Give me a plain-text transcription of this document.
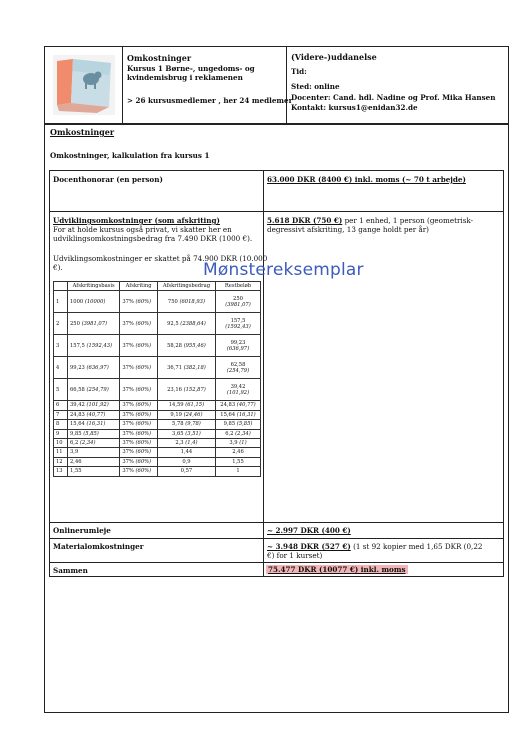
Omkostninger
Kursus 1 Børne-, ungedoms- og
kvindemisbrug i reklamenen
> 26 kursusmedlemer , her 24 medlemer
(Videre-)uddanelse
Tid:
Sted: online
Docenter: Cand. hdl. Nadine og Prof. Mika Hansen
Kontakt: kursus1@enidan32.de
Omkostninger
Omkostninger, kalkulation fra kursus 1
Docenthonorar (en person)	63.000 DKR (8400 €) inkl. moms (~ 70 t arbejde)
Udviklingsomkostninger (som afskriting)
For at holde kursus også privat, vi skatter her en
udviklingsomkostningsbedrag fra 7.490 DKR (1000 €).
Udviklingsomkostninger er skattet på 74.900 DKR (10.000
€).
5.618 DKR (750 €) per 1 enhed, 1 person (geometrisk-
degressivt afskriting, 13 gange holdt per år)
Mønstereksemplar
	Afskritingsbasis	Afskriting	Afskritingsbedrag	Restbeløb
1	1000 (10000)	37% (60%)	750 (6018,93)	250
(3981,07)
2	250 (3981,07)	37% (60%)	92,5 (2388,64)	157,5
(1592,43)
3	157,5 (1592,43)	37% (60%)	58,28 (955,46)	99,23
(636,97)
4	99,23 (636,97)	37% (60%)	36,71 (382,18)	62,58
(254,79)
5	66,58 (254,79)	37% (60%)	23,16 (152,87)	39,42
(101,92)
6	39,42 (101,92)	37% (60%)	14,59 (61,15)	24,83 (40,77)
7	24,83 (40,77)	37% (60%)	9,19 (24,46)	15,64 (16,31)
8	15,64 (16,31)	37% (60%)	5,78 (9,78)	9,85 (5,85)
9	9,85 (5,85)	37% (60%)	3,65 (3,51)	6,2 (2,34)
10	6,2 (2,34)	37% (60%)	2,3 (1,4)	3,9 (1)
11	3,9	37% (60%)	1,44	2,46
12	2,46	37% (60%)	0,9	1,55
13	1,55	37% (60%)	0,57	1
Onlinerumleje	~ 2.997 DKR (400 €)
Materialomkostninger	~ 3.948 DKR (527 €) (1 st 92 kopier med 1,65 DKR (0,22
€) for 1 kurset)
Sammen	75.477 DKR (10077 €) inkl. moms
